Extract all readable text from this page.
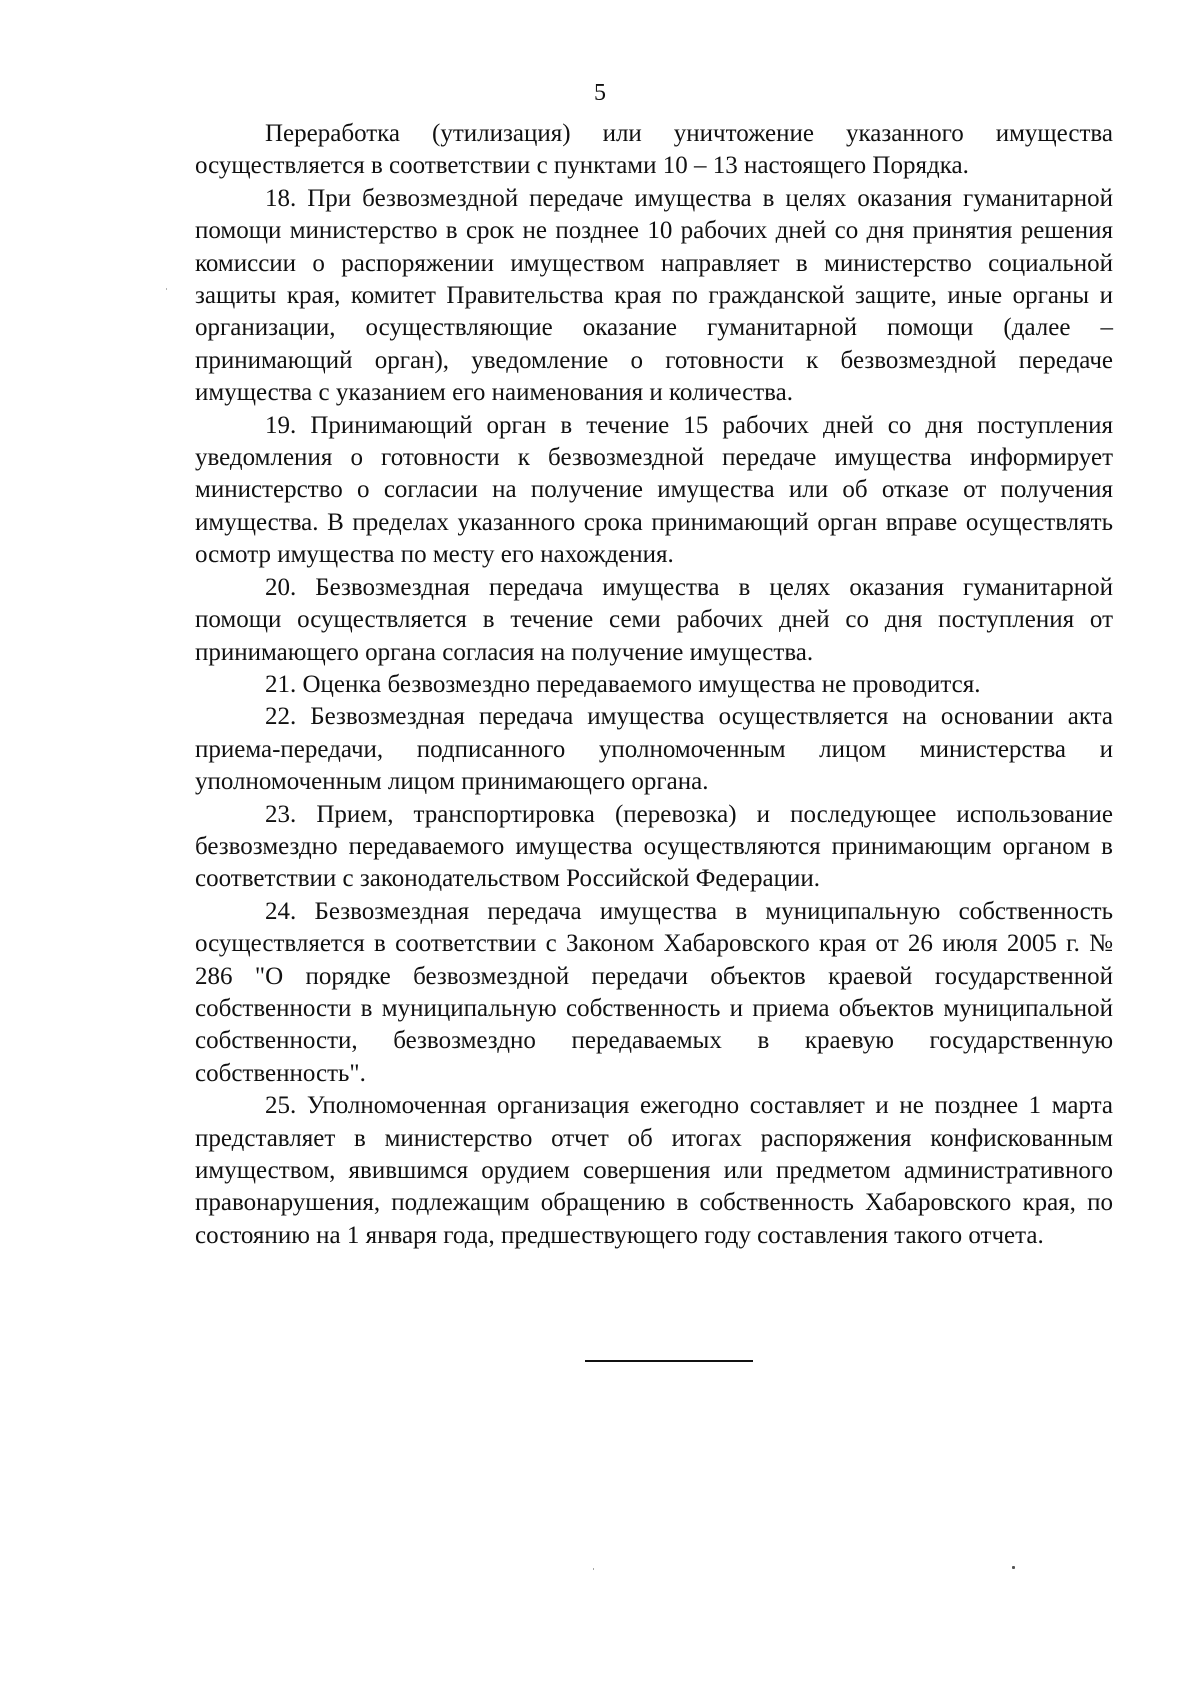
5

Переработка (утилизация) или уничтожение указанного имущества осуществляется в соответствии с пунктами 10 – 13 настоящего Порядка.

18. При безвозмездной передаче имущества в целях оказания гуманитарной помощи министерство в срок не позднее 10 рабочих дней со дня принятия решения комиссии о распоряжении имуществом направляет в министерство социальной защиты края, комитет Правительства края по гражданской защите, иные органы и организации, осуществляющие оказание гуманитарной помощи (далее – принимающий орган), уведомление о готовности к безвозмездной передаче имущества с указанием его наименования и количества.

19. Принимающий орган в течение 15 рабочих дней со дня поступления уведомления о готовности к безвозмездной передаче имущества информирует министерство о согласии на получение имущества или об отказе от получения имущества. В пределах указанного срока принимающий орган вправе осуществлять осмотр имущества по месту его нахождения.

20. Безвозмездная передача имущества в целях оказания гуманитарной помощи осуществляется в течение семи рабочих дней со дня поступления от принимающего органа согласия на получение имущества.

21. Оценка безвозмездно передаваемого имущества не проводится.

22. Безвозмездная передача имущества осуществляется на основании акта приема-передачи, подписанного уполномоченным лицом министерства и уполномоченным лицом принимающего органа.

23. Прием, транспортировка (перевозка) и последующее использование безвозмездно передаваемого имущества осуществляются принимающим органом в соответствии с законодательством Российской Федерации.

24. Безвозмездная передача имущества в муниципальную собственность осуществляется в соответствии с Законом Хабаровского края от 26 июля 2005 г. № 286 "О порядке безвозмездной передачи объектов краевой государственной собственности в муниципальную собственность и приема объектов муниципальной собственности, безвозмездно передаваемых в краевую государственную собственность".

25. Уполномоченная организация ежегодно составляет и не позднее 1 марта представляет в министерство отчет об итогах распоряжения конфискованным имуществом, явившимся орудием совершения или предметом административного правонарушения, подлежащим обращению в собственность Хабаровского края, по состоянию на 1 января года, предшествующего году составления такого отчета.
